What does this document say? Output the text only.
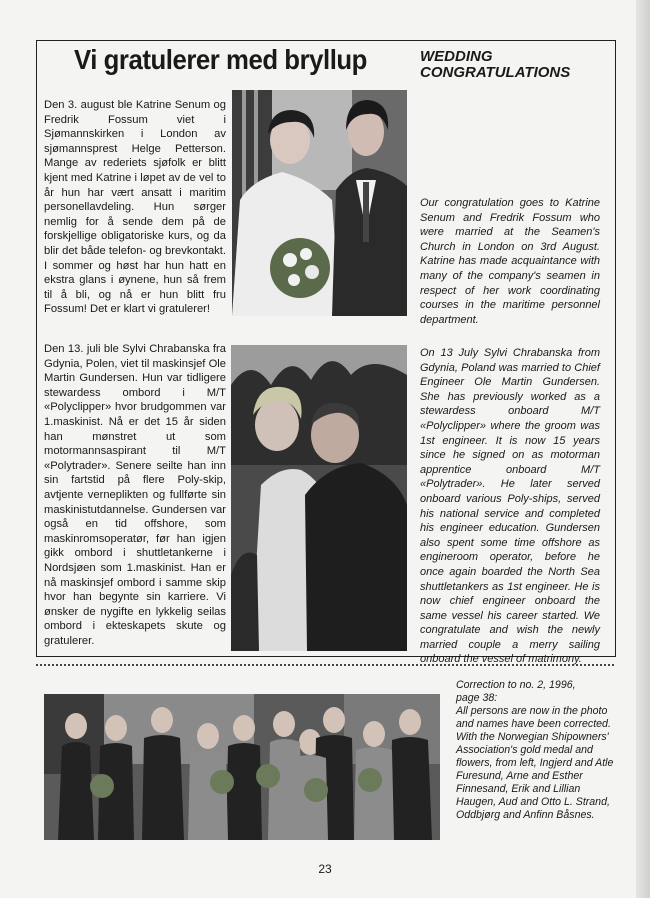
Vi gratulerer med bryllup	WEDDING
CONGRATULATIONS
Den 3. august ble Katrine Senum og Fredrik Fossum viet i Sjømannskirken i London av sjømannsprest Helge Petterson. Mange av rederiets sjøfolk er blitt kjent med Katrine i løpet av de vel to år hun har vært ansatt i maritim personellavdeling. Hun sørger nemlig for å sende dem på de forskjellige obligatoriske kurs, og da blir det både telefon- og brevkontakt. I sommer og høst har hun hatt en ekstra glans i øynene, hun så frem til å bli, og nå er hun blitt fru Fossum! Det er klart vi gratulerer!
Our congratulation goes to Katrine Senum and Fredrik Fossum who were married at the Seamen's Church in London on 3rd August. Katrine has made acquaintance with many of the company's seamen in respect of her work coordinating courses in the maritime personnel department.
Den 13. juli ble Sylvi Chrabanska fra Gdynia, Polen, viet til maskinsjef Ole Martin Gundersen. Hun var tidligere stewardess ombord i M/T «Polyclipper» hvor brudgommen var 1.maskinist. Nå er det 15 år siden han mønstret ut som motormannsaspirant til M/T «Polytrader». Senere seilte han inn sin fartstid på flere Poly-skip, avtjente verneplikten og fullførte sin maskinistutdannelse. Gundersen var også en tid offshore, som maskinromsoperatør, før han igjen gikk ombord i shuttletankerne i Nordsjøen som 1.maskinist. Han er nå maskinsjef ombord i samme skip hvor han begynte sin karriere. Vi ønsker de nygifte en lykkelig seilas ombord i ekteskapets skute og gratulerer.
On 13 July Sylvi Chrabanska from Gdynia, Poland was married to Chief Engineer Ole Martin Gundersen. She has previously worked as a stewardess onboard M/T «Polyclipper» where the groom was 1st engineer. It is now 15 years since he signed on as motorman apprentice onboard M/T «Polytrader». He later served onboard various Poly-ships, served his national service and completed his engineer education. Gundersen also spent some time offshore as engineroom operator, before he once again boarded the North Sea shuttletankers as 1st engineer. He is now chief engineer onboard the same vessel his career started. We congratulate and wish the newly married couple a merry sailing onboard the vessel of matrimony.
Correction to no. 2, 1996,
page 38:
All persons are now in the photo and names have been corrected. With the Norwegian Shipowners' Association's gold medal and flowers, from left, Ingjerd and Atle Furesund, Arne and Esther Finnesand, Erik and Lillian Haugen, Aud and Otto L. Strand, Oddbjørg and Anfinn Båsnes.
23
